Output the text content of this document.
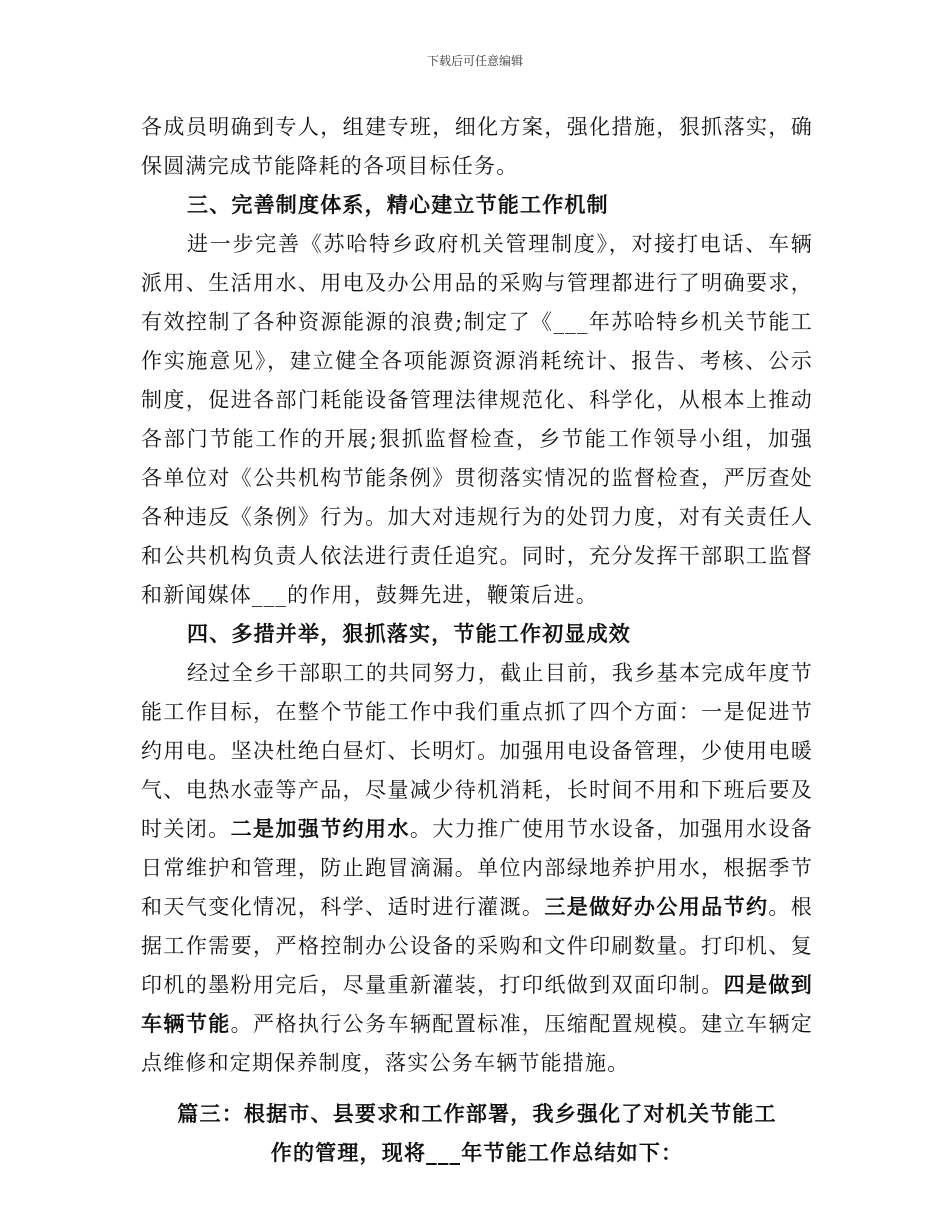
下载后可任意编辑

各成员明确到专人，组建专班，细化方案，强化措施，狠抓落实，确保圆满完成节能降耗的各项目标任务。

三、完善制度体系，精心建立节能工作机制

进一步完善《苏哈特乡政府机关管理制度》，对接打电话、车辆派用、生活用水、用电及办公用品的采购与管理都进行了明确要求，有效控制了各种资源能源的浪费;制定了《___年苏哈特乡机关节能工作实施意见》，建立健全各项能源资源消耗统计、报告、考核、公示制度，促进各部门耗能设备管理法律规范化、科学化，从根本上推动各部门节能工作的开展;狠抓监督检查，乡节能工作领导小组，加强各单位对《公共机构节能条例》贯彻落实情况的监督检查，严厉查处各种违反《条例》行为。加大对违规行为的处罚力度，对有关责任人和公共机构负责人依法进行责任追究。同时，充分发挥干部职工监督和新闻媒体___的作用，鼓舞先进，鞭策后进。

四、多措并举，狠抓落实，节能工作初显成效

经过全乡干部职工的共同努力，截止目前，我乡基本完成年度节能工作目标，在整个节能工作中我们重点抓了四个方面：一是促进节约用电。坚决杜绝白昼灯、长明灯。加强用电设备管理，少使用电暖气、电热水壶等产品，尽量减少待机消耗，长时间不用和下班后要及时关闭。二是加强节约用水。大力推广使用节水设备，加强用水设备日常维护和管理，防止跑冒滴漏。单位内部绿地养护用水，根据季节和天气变化情况，科学、适时进行灌溉。三是做好办公用品节约。根据工作需要，严格控制办公设备的采购和文件印刷数量。打印机、复印机的墨粉用完后，尽量重新灌装，打印纸做到双面印制。四是做到车辆节能。严格执行公务车辆配置标准，压缩配置规模。建立车辆定点维修和定期保养制度，落实公务车辆节能措施。

篇三：根据市、县要求和工作部署，我乡强化了对机关节能工
作的管理，现将___年节能工作总结如下：
